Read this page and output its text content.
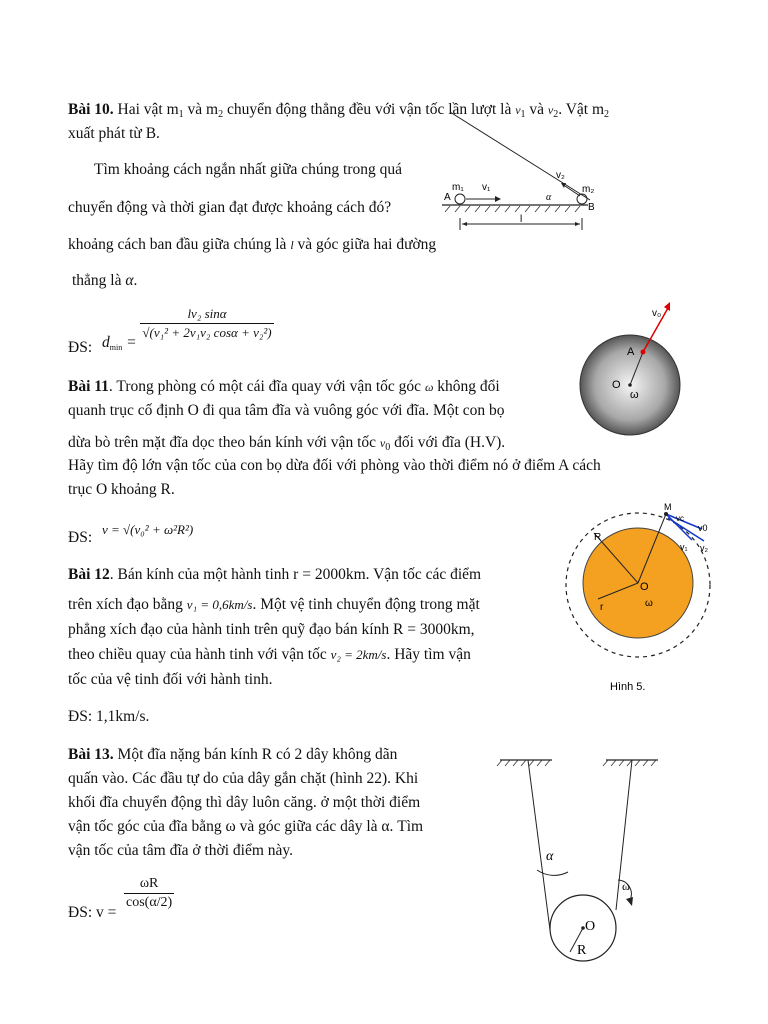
Bài 10. Hai vật $m_1$ và $m_2$ chuyển động thẳng đều với vận tốc lần lượt là $v_1$ và $v_2$. Vật $m_2$
xuất phát từ B.
Tìm khoảng cách ngắn nhất giữa chúng trong quá
chuyển động và thời gian đạt được khoảng cách đó?
khoảng cách ban đầu giữa chúng là l và góc giữa hai đường
thẳng là α.
ĐS: $d_{min}$ =
$\frac{\text{lv₂ sinα}}{\text{√(v₁² + 2v₁v₂ cosα + v₂²)}}$
m₁ v₁
A
B
m₂
v₂
α
l
Bài 11. Trong phòng có một cái đĩa quay với vận tốc góc ω không đổi
quanh trục cố định O đi qua tâm đĩa và vuông góc với đĩa. Một con bọ
dừa bò trên mặt đĩa dọc theo bán kính với vận tốc $v_0$ đối với đĩa (H.V).
Hãy tìm độ lớn vận tốc của con bọ dừa đối với phòng vào thời điểm nó ở điểm A cách
trục O khoảng R.
ĐS: v = √(v₀² + ω²R²)
v₀
A
O
ω
Bài 12. Bán kính của một hành tinh r = 2000km. Vận tốc các điểm
trên xích đạo bằng v₁ = 0,6km/s. Một vệ tinh chuyển động trong mặt
phẳng xích đạo của hành tinh trên quỹ đạo bán kính R = 3000km,
theo chiều quay của hành tinh với vận tốc v₂ = 2km/s. Hãy tìm vận
tốc của vệ tinh đối với hành tinh.
ĐS: 1,1km/s.
M
vc
v0
v₁ v₂
R
r
O
ω
Hình 5.
Bài 13. Một đĩa nặng bán kính R có 2 dây không dãn
quấn vào. Các đầu tự do của dây gắn chặt (hình 22). Khi
khối đĩa chuyển động thì dây luôn căng. ở một thời điểm
vận tốc góc của đĩa bằng ω và góc giữa các dây là α. Tìm
vận tốc của tâm đĩa ở thời điểm này.
ĐS: v =
$\frac{\omega R}{\cos(\alpha/2)}$
α
ω
O
R
